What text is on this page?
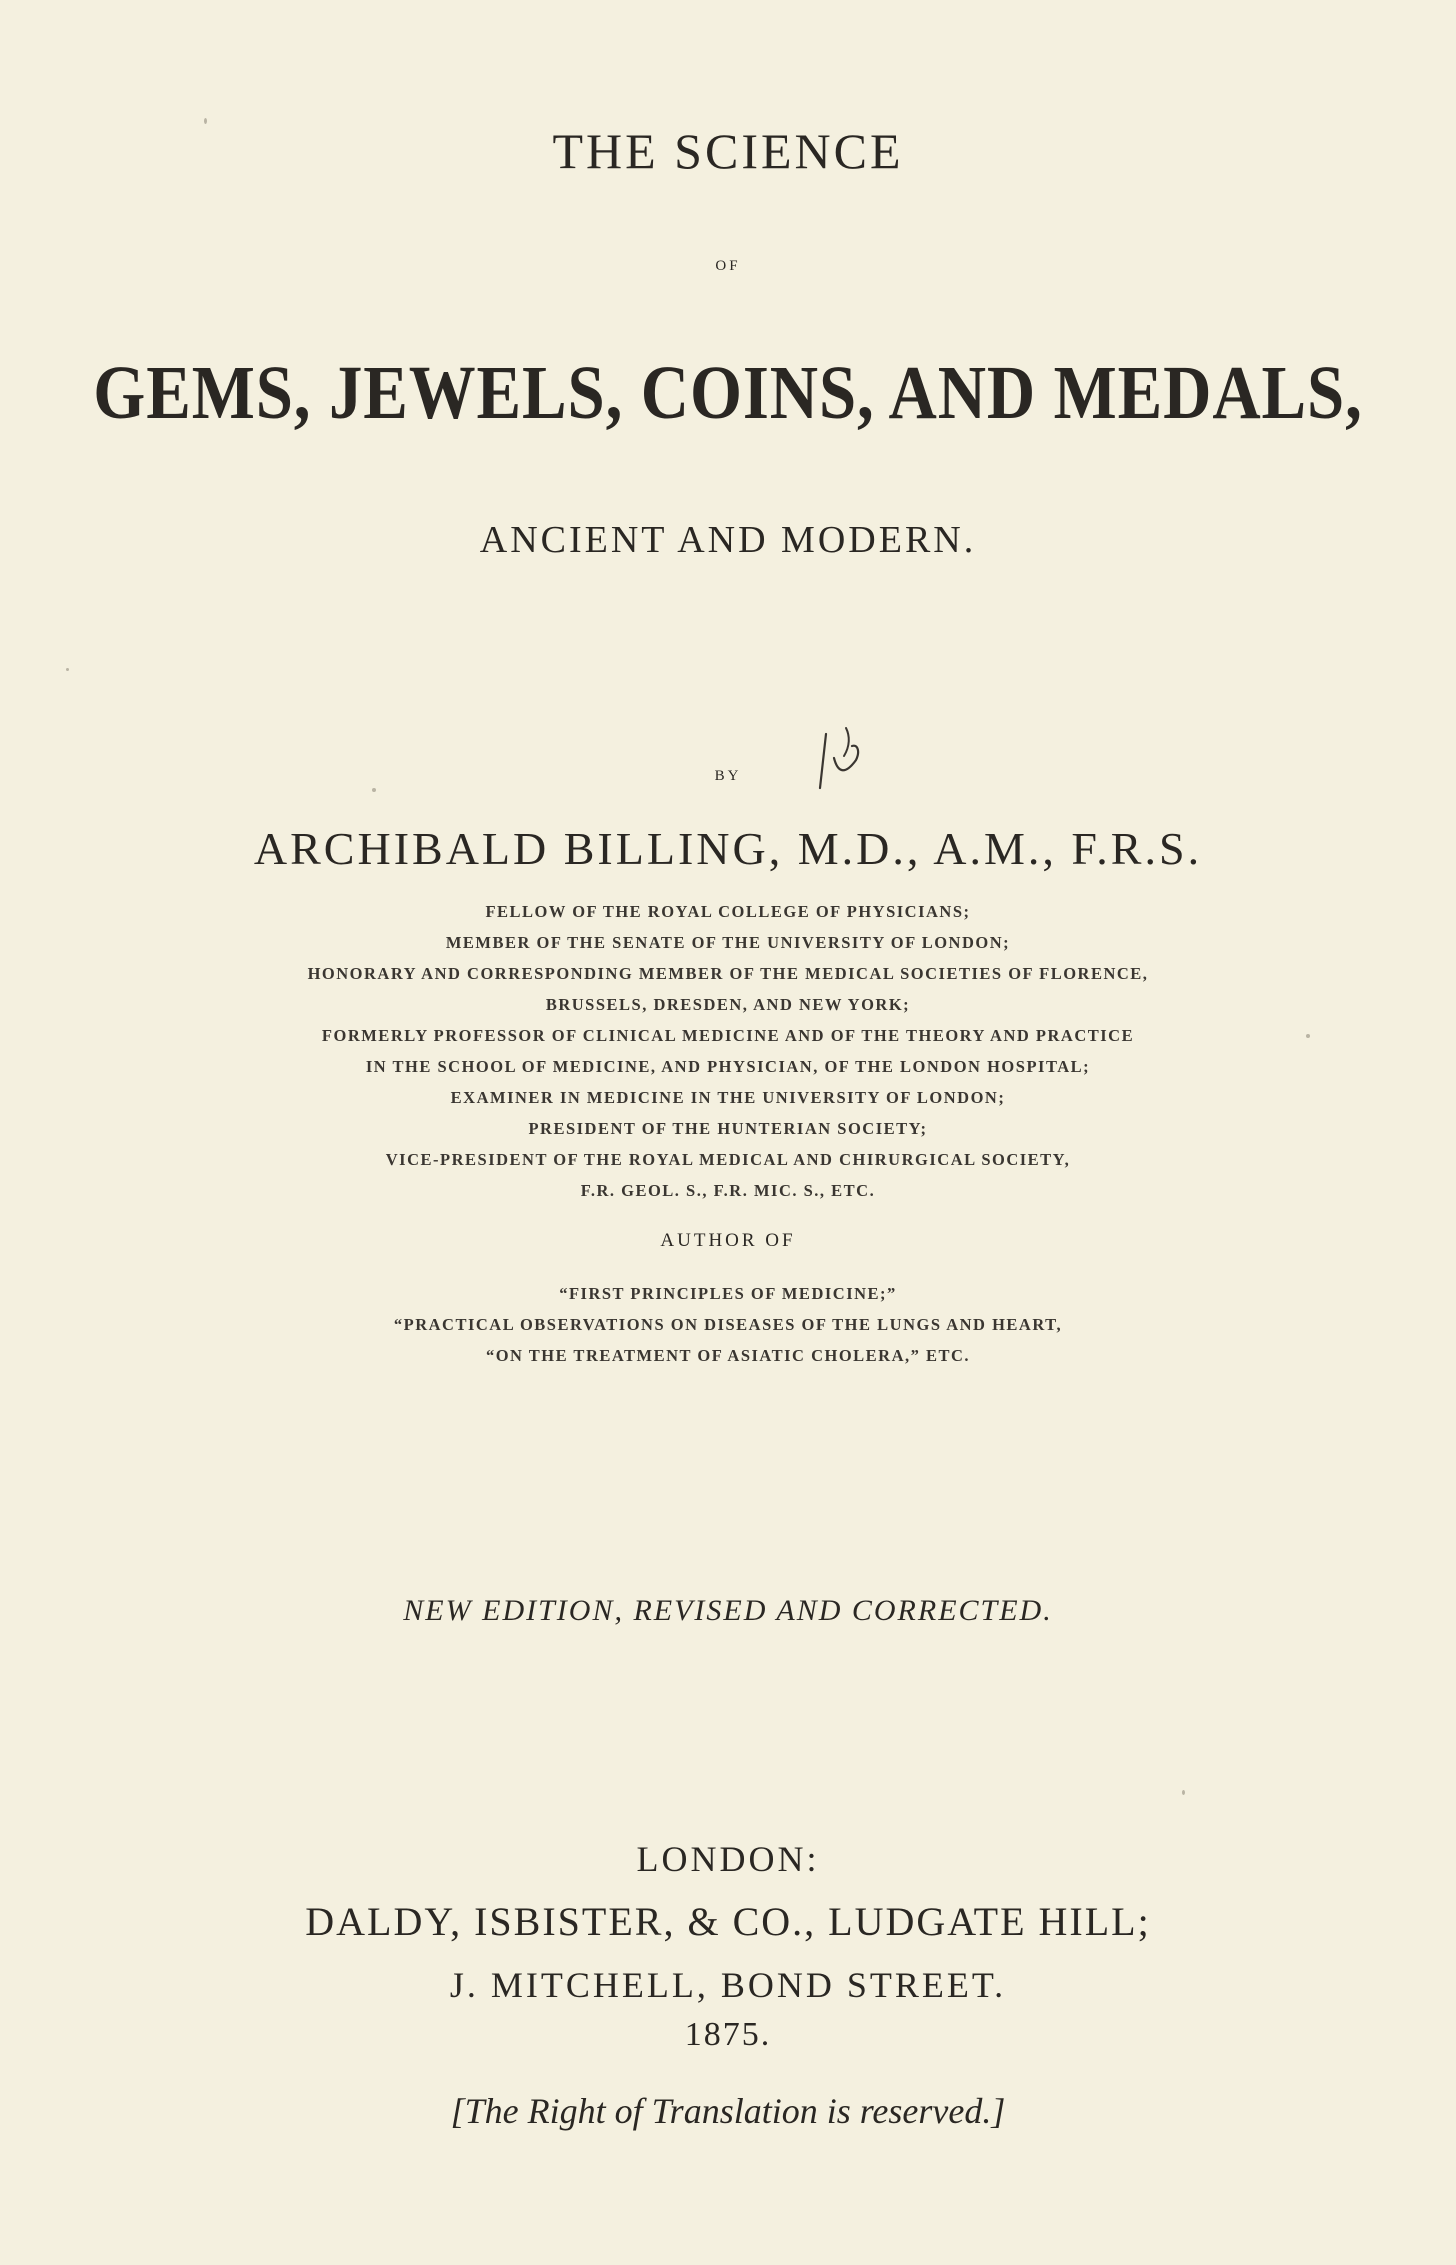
THE SCIENCE
OF
GEMS, JEWELS, COINS, AND MEDALS,
ANCIENT AND MODERN.
BY
ARCHIBALD BILLING, M.D., A.M., F.R.S.
FELLOW OF THE ROYAL COLLEGE OF PHYSICIANS;
MEMBER OF THE SENATE OF THE UNIVERSITY OF LONDON;
HONORARY AND CORRESPONDING MEMBER OF THE MEDICAL SOCIETIES OF FLORENCE,
BRUSSELS, DRESDEN, AND NEW YORK;
FORMERLY PROFESSOR OF CLINICAL MEDICINE AND OF THE THEORY AND PRACTICE
IN THE SCHOOL OF MEDICINE, AND PHYSICIAN, OF THE LONDON HOSPITAL;
EXAMINER IN MEDICINE IN THE UNIVERSITY OF LONDON;
PRESIDENT OF THE HUNTERIAN SOCIETY;
VICE-PRESIDENT OF THE ROYAL MEDICAL AND CHIRURGICAL SOCIETY,
F.R. GEOL. S., F.R. MIC. S., ETC.
AUTHOR OF
“FIRST PRINCIPLES OF MEDICINE;”
“PRACTICAL OBSERVATIONS ON DISEASES OF THE LUNGS AND HEART,
“ON THE TREATMENT OF ASIATIC CHOLERA,” ETC.
NEW EDITION, REVISED AND CORRECTED.
LONDON:
DALDY, ISBISTER, & CO., LUDGATE HILL;
J. MITCHELL, BOND STREET.
1875.
[The Right of Translation is reserved.]
